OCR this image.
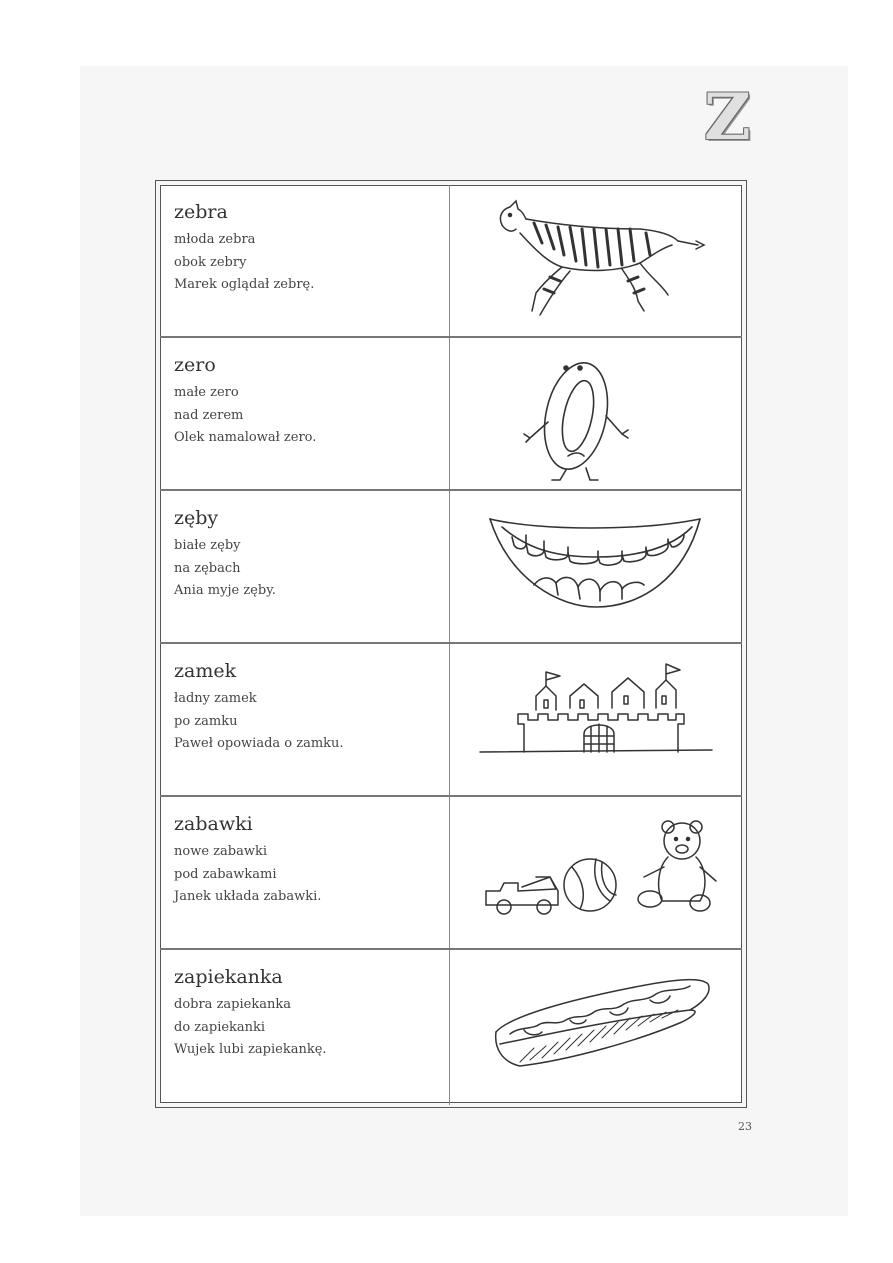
Z
zebra
młoda zebra
obok zebry
Marek oglądał zebrę.
zero
małe zero
nad zerem
Olek namalował zero.
zęby
białe zęby
na zębach
Ania myje zęby.
zamek
ładny zamek
po zamku
Paweł opowiada o zamku.
zabawki
nowe zabawki
pod zabawkami
Janek układa zabawki.
zapiekanka
dobra zapiekanka
do zapiekanki
Wujek lubi zapiekankę.
23
